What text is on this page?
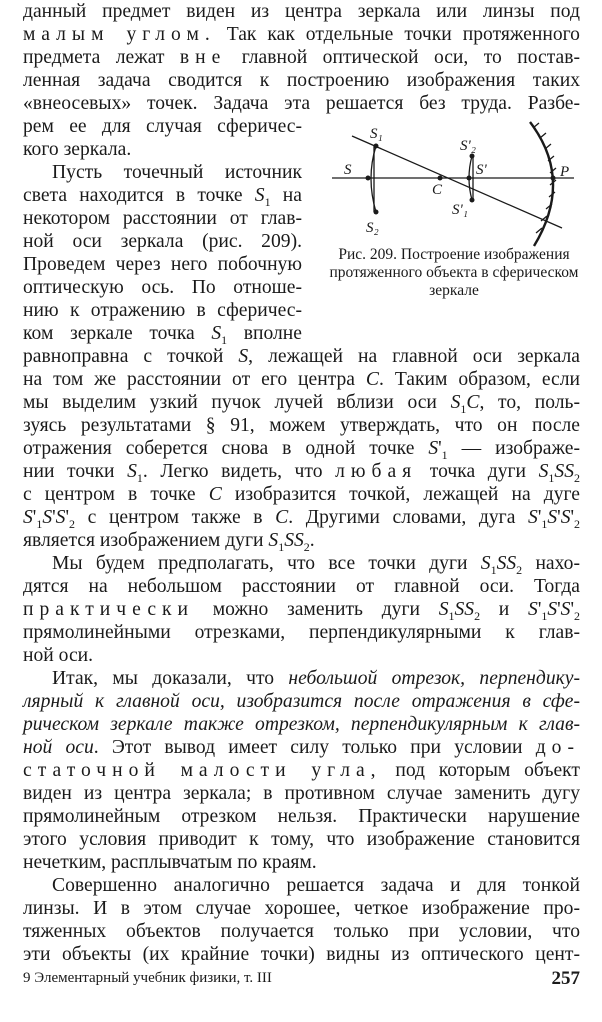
данный предмет виден из центра зеркала или линзы под
малым углом. Так как отдельные точки протяженного
предмета лежат вне главной оптической оси, то постав-
ленная задача сводится к построению изображения таких
«внеосевых» точек. Задача эта решается без труда. Разбе-
рем ее для случая сферичес-
кого зеркала.
Пусть точечный источник
света находится в точке $S_1$ на
некотором расстоянии от глав-
ной оси зеркала (рис. 209).
Проведем через него побочную
оптическую ось. По отноше-
нию к отражению в сферичес-
ком зеркале точка $S_1$ вполне
равноправна с точкой S, лежащей на главной оси зеркала
на том же расстоянии от его центра C. Таким образом, если
мы выделим узкий пучок лучей вблизи оси $S_1C$, то, поль-
зуясь результатами § 91, можем утверждать, что он после
отражения соберется снова в одной точке $S'_1$ — изображе-
нии точки $S_1$. Легко видеть, что любая точка дуги $S_1SS_2$
с центром в точке C изобразится точкой, лежащей на дуге
$S'_1S'S'_2$ с центром также в C. Другими словами, дуга $S'_1S'S'_2$
является изображением дуги $S_1SS_2$.
Мы будем предполагать, что все точки дуги $S_1SS_2$ нахо-
дятся на небольшом расстоянии от главной оси. Тогда
практически можно заменить дуги $S_1SS_2$ и $S'_1S'S'_2$
прямолинейными отрезками, перпендикулярными к глав-
ной оси.
Итак, мы доказали, что небольшой отрезок, перпендику-
лярный к главной оси, изобразится после отражения в сфе-
рическом зеркале также отрезком, перпендикулярным к глав-
ной оси. Этот вывод имеет силу только при условии до-
статочной малости угла, под которым объект
виден из центра зеркала; в противном случае заменить дугу
прямолинейным отрезком нельзя. Практически нарушение
этого условия приводит к тому, что изображение становится
нечетким, расплывчатым по краям.
Совершенно аналогично решается задача и для тонкой
линзы. И в этом случае хорошее, четкое изображение про-
тяженных объектов получается только при условии, что
эти объекты (их крайние точки) видны из оптического цент-
S₁
S
S₂
C
S'₂
S'
S'₁
P
Рис. 209. Построение изображения протяженного объекта в сферическом зеркале
9 Элементарный учебник физики, т. III	257
